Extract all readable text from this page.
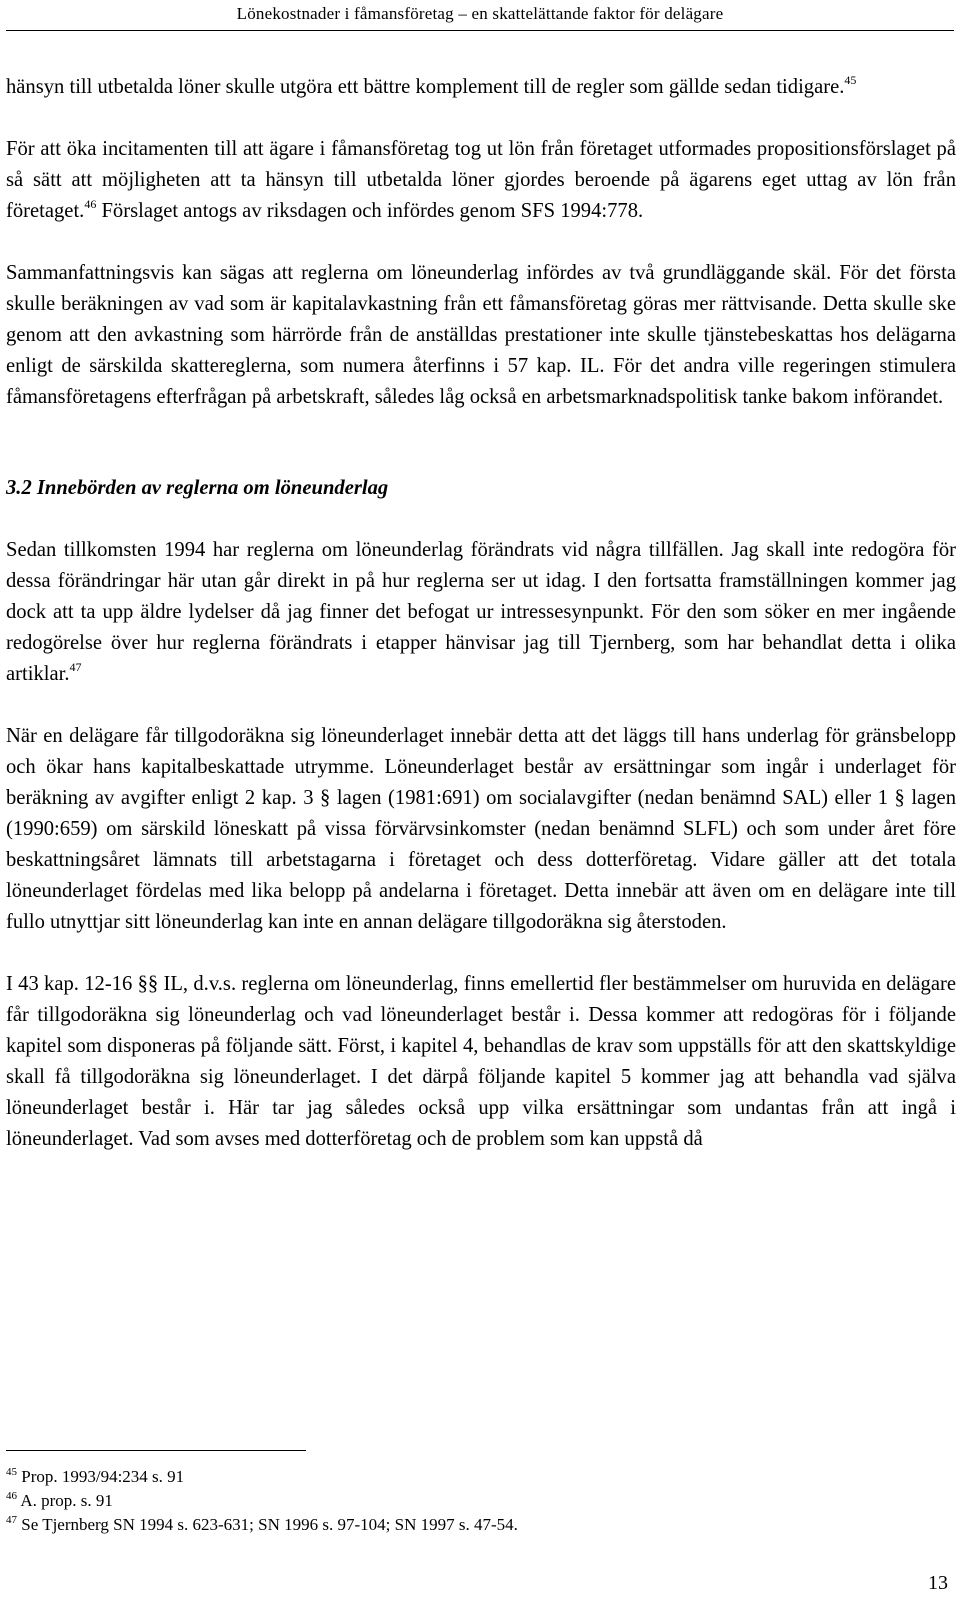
Lönekostnader i fåmansföretag – en skattelättande faktor för delägare

hänsyn till utbetalda löner skulle utgöra ett bättre komplement till de regler som gällde sedan tidigare.$^{45}$

För att öka incitamenten till att ägare i fåmansföretag tog ut lön från företaget utformades propositionsförslaget på så sätt att möjligheten att ta hänsyn till utbetalda löner gjordes beroende på ägarens eget uttag av lön från företaget.$^{46}$ Förslaget antogs av riksdagen och infördes genom SFS 1994:778.

Sammanfattningsvis kan sägas att reglerna om löneunderlag infördes av två grundläggande skäl. För det första skulle beräkningen av vad som är kapitalavkastning från ett fåmansföretag göras mer rättvisande. Detta skulle ske genom att den avkastning som härrörde från de anställdas prestationer inte skulle tjänstebeskattas hos delägarna enligt de särskilda skattereglerna, som numera återfinns i 57 kap. IL. För det andra ville regeringen stimulera fåmansföretagens efterfrågan på arbetskraft, således låg också en arbetsmarknadspolitisk tanke bakom införandet.

3.2 Innebörden av reglerna om löneunderlag

Sedan tillkomsten 1994 har reglerna om löneunderlag förändrats vid några tillfällen. Jag skall inte redogöra för dessa förändringar här utan går direkt in på hur reglerna ser ut idag. I den fortsatta framställningen kommer jag dock att ta upp äldre lydelser då jag finner det befogat ur intressesynpunkt. För den som söker en mer ingående redogörelse över hur reglerna förändrats i etapper hänvisar jag till Tjernberg, som har behandlat detta i olika artiklar.$^{47}$

När en delägare får tillgodoräkna sig löneunderlaget innebär detta att det läggs till hans underlag för gränsbelopp och ökar hans kapitalbeskattade utrymme. Löneunderlaget består av ersättningar som ingår i underlaget för beräkning av avgifter enligt 2 kap. 3 § lagen (1981:691) om socialavgifter (nedan benämnd SAL) eller 1 § lagen (1990:659) om särskild löneskatt på vissa förvärvsinkomster (nedan benämnd SLFL) och som under året före beskattningsåret lämnats till arbetstagarna i företaget och dess dotterföretag. Vidare gäller att det totala löneunderlaget fördelas med lika belopp på andelarna i företaget. Detta innebär att även om en delägare inte till fullo utnyttjar sitt löneunderlag kan inte en annan delägare tillgodoräkna sig återstoden.

I 43 kap. 12-16 §§ IL, d.v.s. reglerna om löneunderlag, finns emellertid fler bestämmelser om huruvida en delägare får tillgodoräkna sig löneunderlag och vad löneunderlaget består i. Dessa kommer att redogöras för i följande kapitel som disponeras på följande sätt. Först, i kapitel 4, behandlas de krav som uppställs för att den skattskyldige skall få tillgodoräkna sig löneunderlaget. I det därpå följande kapitel 5 kommer jag att behandla vad själva löneunderlaget består i. Här tar jag således också upp vilka ersättningar som undantas från att ingå i löneunderlaget. Vad som avses med dotterföretag och de problem som kan uppstå då

$^{45}$ Prop. 1993/94:234 s. 91
$^{46}$ A. prop. s. 91
$^{47}$ Se Tjernberg SN 1994 s. 623-631; SN 1996 s. 97-104; SN 1997 s. 47-54.
13
